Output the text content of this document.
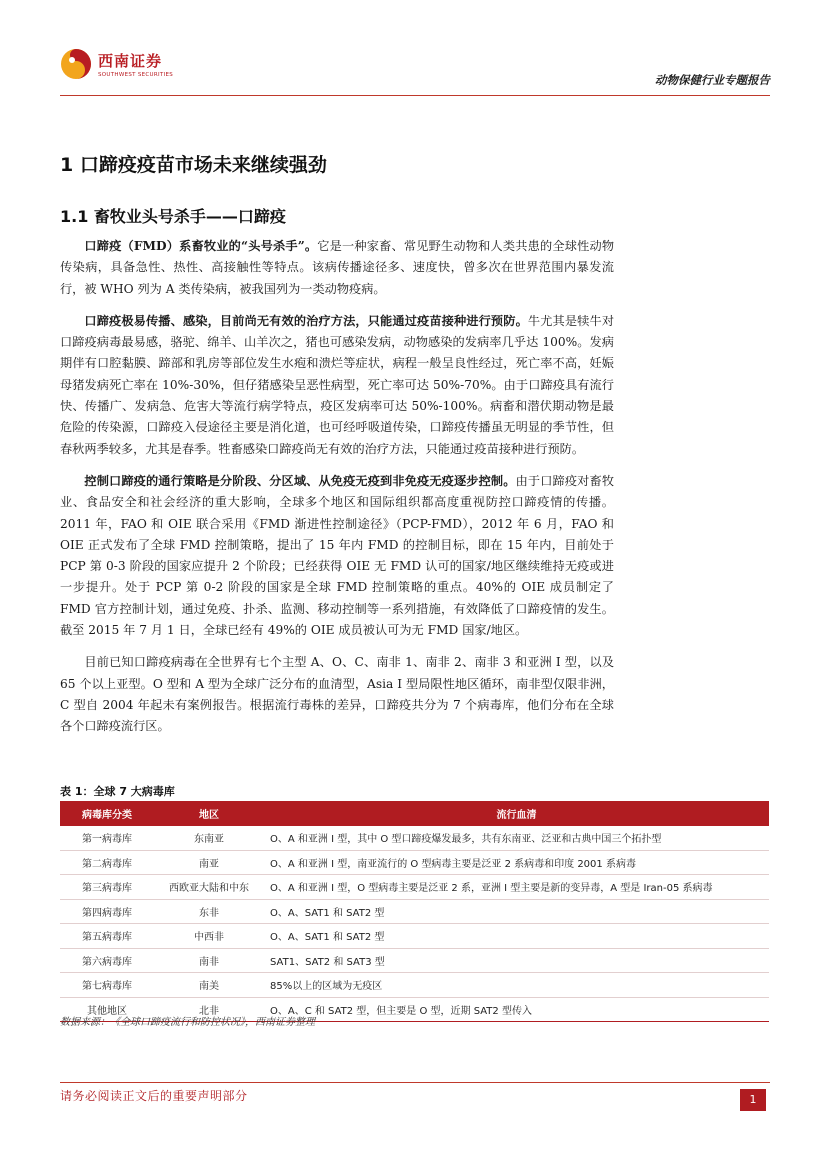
西南证券
SOUTHWEST SECURITIES	动物保健行业专题报告
1 口蹄疫疫苗市场未来继续强劲
1.1 畜牧业头号杀手——口蹄疫

口蹄疫（FMD）系畜牧业的“头号杀手”。它是一种家畜、常见野生动物和人类共患的全球性动物传染病，具备急性、热性、高接触性等特点。该病传播途径多、速度快，曾多次在世界范围内暴发流行，被 WHO 列为 A 类传染病，被我国列为一类动物疫病。

口蹄疫极易传播、感染，目前尚无有效的治疗方法，只能通过疫苗接种进行预防。牛尤其是犊牛对口蹄疫病毒最易感，骆驼、绵羊、山羊次之，猪也可感染发病，动物感染的发病率几乎达 100%。发病期伴有口腔黏膜、蹄部和乳房等部位发生水疱和溃烂等症状，病程一般呈良性经过，死亡率不高，妊娠母猪发病死亡率在 10%-30%，但仔猪感染呈恶性病型，死亡率可达 50%-70%。由于口蹄疫具有流行快、传播广、发病急、危害大等流行病学特点，疫区发病率可达 50%-100%。病畜和潜伏期动物是最危险的传染源，口蹄疫入侵途径主要是消化道，也可经呼吸道传染，口蹄疫传播虽无明显的季节性，但春秋两季较多，尤其是春季。牲畜感染口蹄疫尚无有效的治疗方法，只能通过疫苗接种进行预防。

控制口蹄疫的通行策略是分阶段、分区域、从免疫无疫到非免疫无疫逐步控制。由于口蹄疫对畜牧业、食品安全和社会经济的重大影响，全球多个地区和国际组织都高度重视防控口蹄疫情的传播。2011 年，FAO 和 OIE 联合采用《FMD 渐进性控制途径》（PCP-FMD），2012 年 6 月，FAO 和 OIE 正式发布了全球 FMD 控制策略，提出了 15 年内 FMD 的控制目标，即在 15 年内，目前处于 PCP 第 0-3 阶段的国家应提升 2 个阶段；已经获得 OIE 无 FMD 认可的国家/地区继续维持无疫或进一步提升。处于 PCP 第 0-2 阶段的国家是全球 FMD 控制策略的重点。40%的 OIE 成员制定了 FMD 官方控制计划，通过免疫、扑杀、监测、移动控制等一系列措施，有效降低了口蹄疫情的发生。截至 2015 年 7 月 1 日，全球已经有 49%的 OIE 成员被认可为无 FMD 国家/地区。

目前已知口蹄疫病毒在全世界有七个主型 A、O、C、南非 1、南非 2、南非 3 和亚洲 I 型，以及 65 个以上亚型。O 型和 A 型为全球广泛分布的血清型，Asia I 型局限性地区循环，南非型仅限非洲，C 型自 2004 年起未有案例报告。根据流行毒株的差异，口蹄疫共分为 7 个病毒库，他们分布在全球各个口蹄疫流行区。

表 1：全球 7 大病毒库
病毒库分类	地区	流行血清
第一病毒库	东南亚	O、A 和亚洲 I 型，其中 O 型口蹄疫爆发最多，共有东南亚、泛亚和古典中国三个拓扑型
第二病毒库	南亚	O、A 和亚洲 I 型，南亚流行的 O 型病毒主要是泛亚 2 系病毒和印度 2001 系病毒
第三病毒库	西欧亚大陆和中东	O、A 和亚洲 I 型，O 型病毒主要是泛亚 2 系，亚洲 I 型主要是新的变异毒，A 型是 Iran-05 系病毒
第四病毒库	东非	O、A、SAT1 和 SAT2 型
第五病毒库	中西非	O、A、SAT1 和 SAT2 型
第六病毒库	南非	SAT1、SAT2 和 SAT3 型
第七病毒库	南美	85%以上的区域为无疫区
其他地区	北非	O、A、C 和 SAT2 型，但主要是 O 型，近期 SAT2 型传入
数据来源：《全球口蹄疫流行和防控状况》，西南证券整理
请务必阅读正文后的重要声明部分	1
